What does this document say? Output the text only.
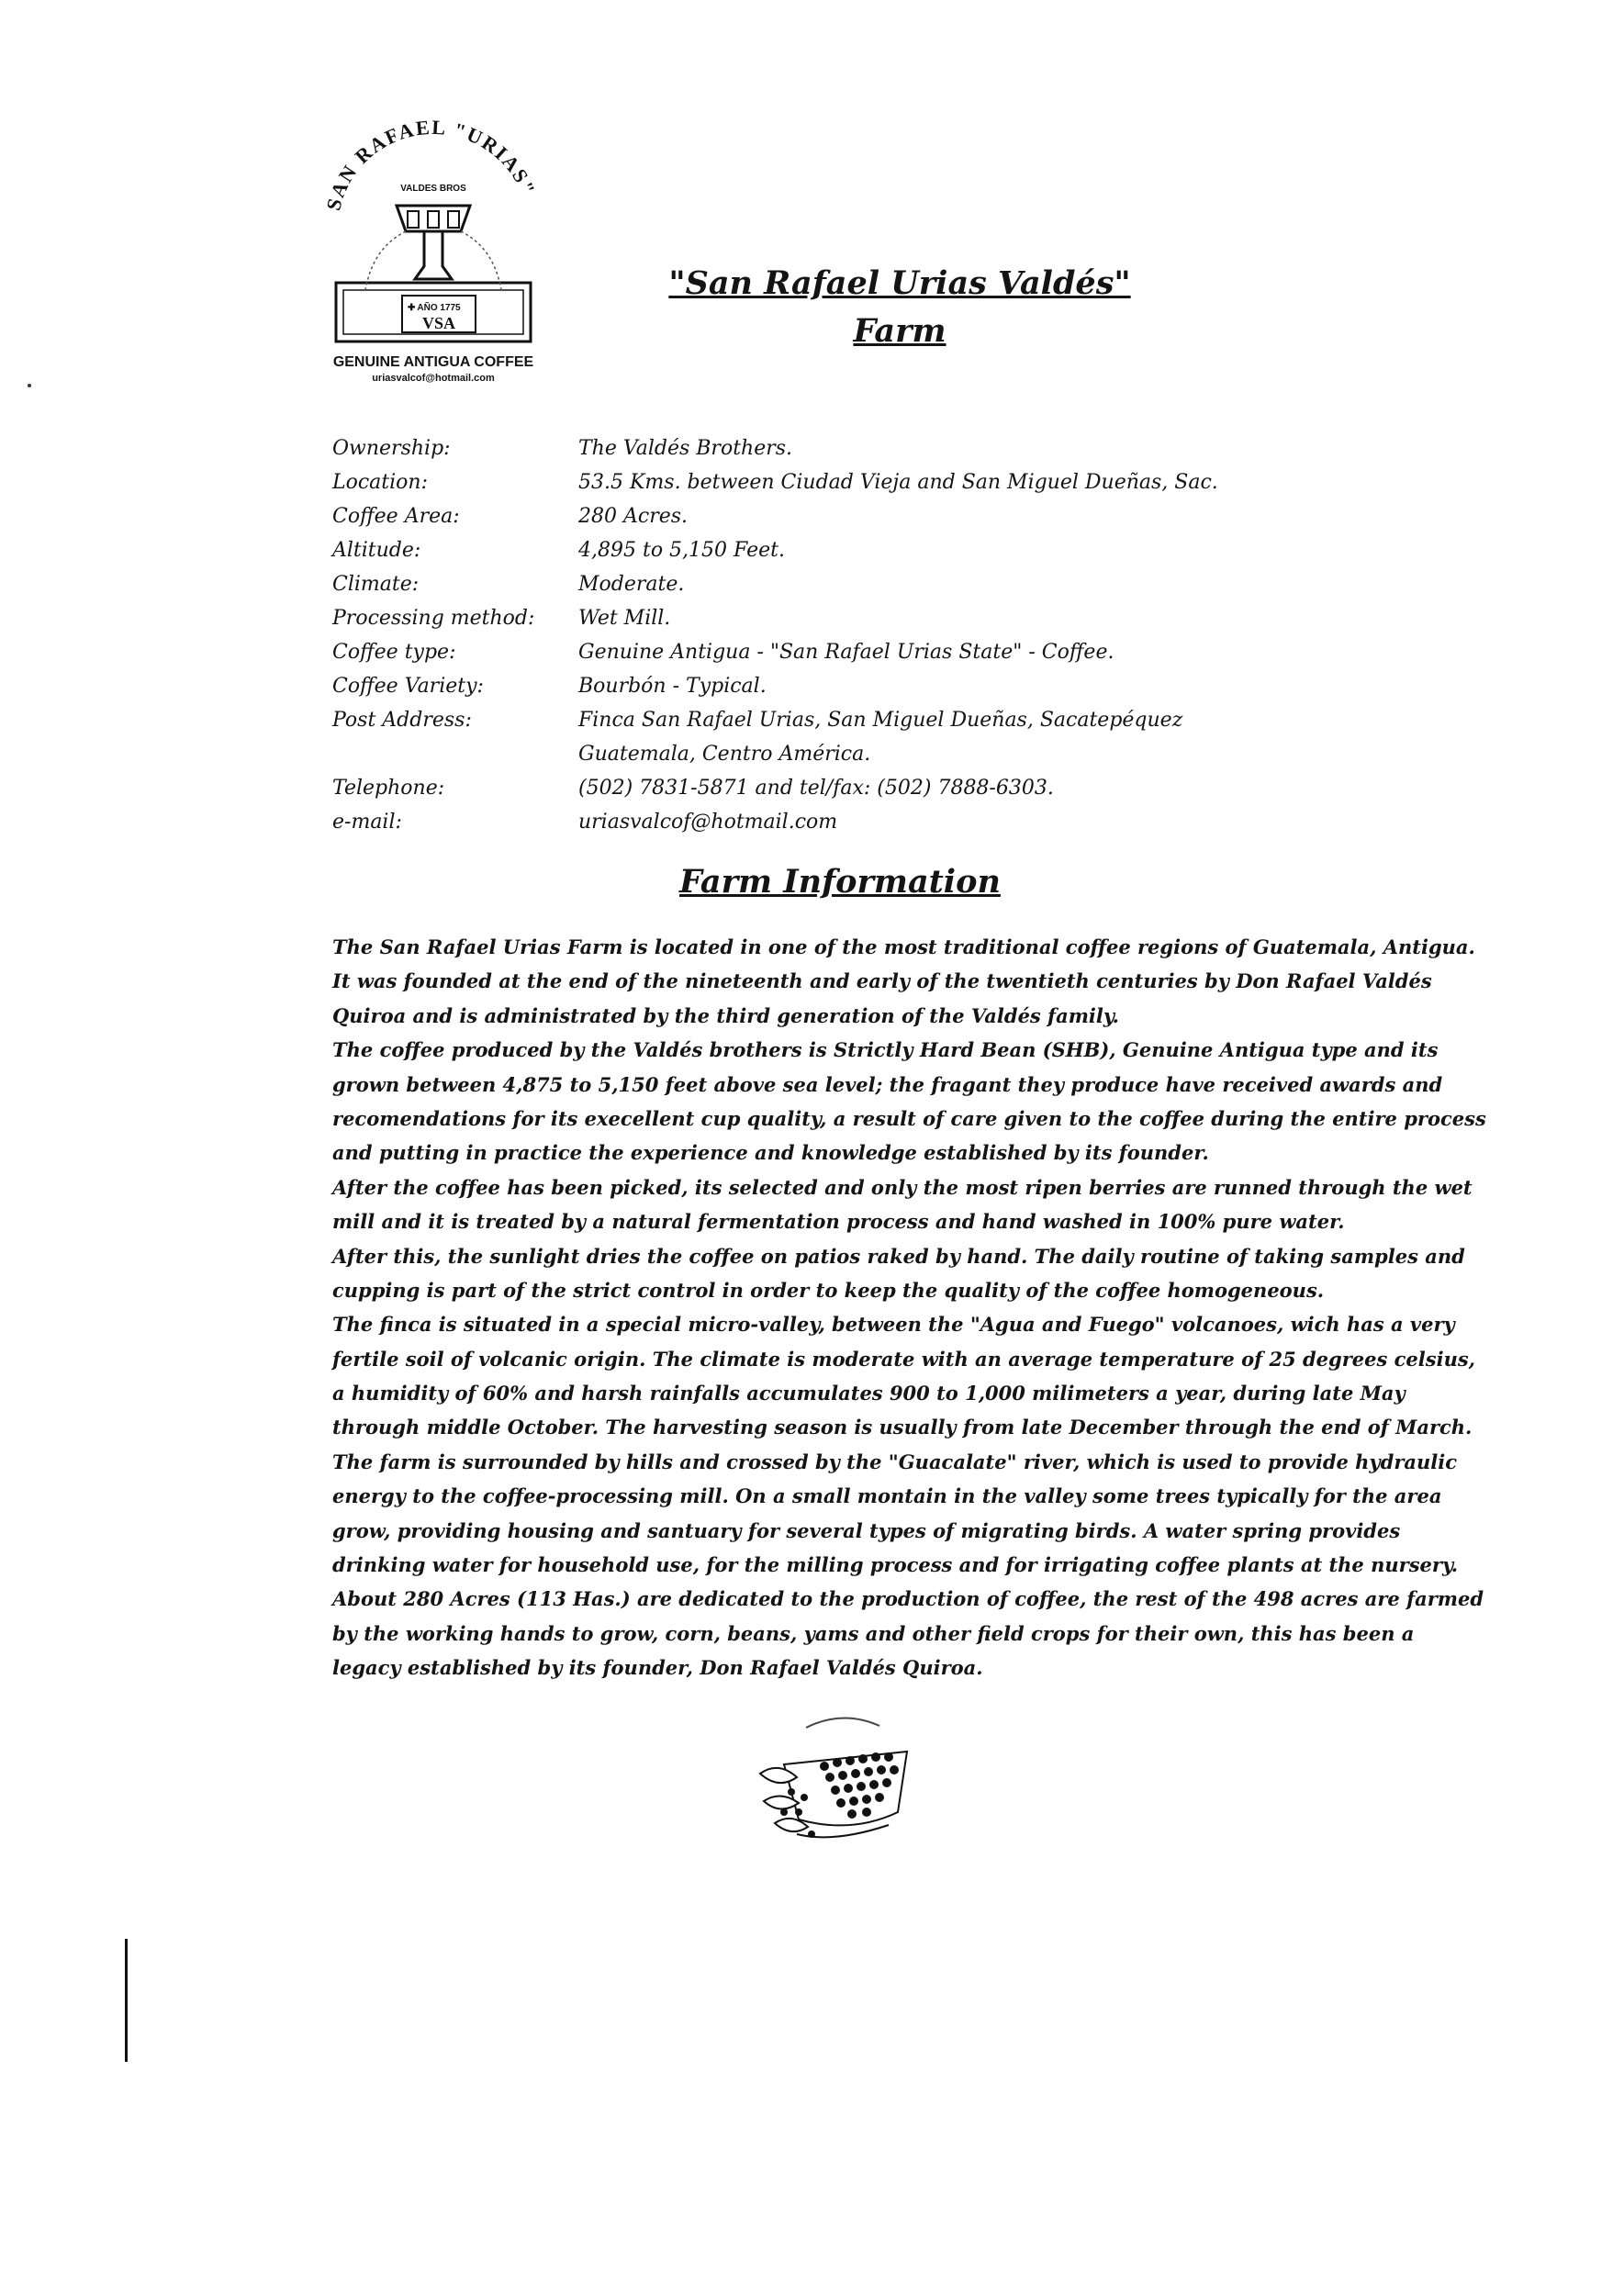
SAN RAFAEL "URIAS"
VALDES BROS
✚ AÑO 1775
VSA
GENUINE ANTIGUA COFFEE
uriasvalcof@hotmail.com
"San Rafael Urias Valdés"
Farm
Ownership:	The Valdés Brothers.
Location:	53.5 Kms. between Ciudad Vieja and San Miguel Dueñas, Sac.
Coffee Area:	280 Acres.
Altitude:	4,895 to 5,150 Feet.
Climate:	Moderate.
Processing method:	Wet Mill.
Coffee type:	Genuine Antigua - "San Rafael Urias State" - Coffee.
Coffee Variety:	Bourbón - Typical.
Post Address:	Finca San Rafael Urias, San Miguel Dueñas, Sacatepéquez
Guatemala, Centro América.
Telephone:	(502) 7831-5871 and tel/fax: (502) 7888-6303.
e-mail:	uriasvalcof@hotmail.com
Farm Information
The San Rafael Urias Farm is located in one of the most traditional coffee regions of Guatemala, Antigua.
It was founded at the end of the nineteenth and early of the twentieth centuries by Don Rafael Valdés
Quiroa and is administrated by the third generation of the Valdés family.
The coffee produced by the Valdés brothers is Strictly Hard Bean (SHB), Genuine Antigua type and its
grown between 4,875 to 5,150 feet above sea level; the fragant they produce have received awards and
recomendations for its execellent cup quality, a result of care given to the coffee during the entire process
and putting in practice the experience and knowledge established by its founder.
After the coffee has been picked, its selected and only the most ripen berries are runned through the wet
mill and it is treated by a natural fermentation process and hand washed in 100% pure water.
After this, the sunlight dries the coffee on patios raked by hand. The daily routine of taking samples and
cupping is part of the strict control in order to keep the quality of the coffee homogeneous.
The finca is situated in a special micro-valley, between the "Agua and Fuego" volcanoes, wich has a very
fertile soil of volcanic origin. The climate is moderate with an average temperature of 25 degrees celsius,
a humidity of 60% and harsh rainfalls accumulates 900 to 1,000 milimeters a year, during late May
through middle October. The harvesting season is usually from late December through the end of March.
The farm is surrounded by hills and crossed by the "Guacalate" river, which is used to provide hydraulic
energy to the coffee-processing mill. On a small montain in the valley some trees typically for the area
grow, providing housing and santuary for several types of migrating birds. A water spring provides
drinking water for household use, for the milling process and for irrigating coffee plants at the nursery.
About 280 Acres (113 Has.) are dedicated to the production of coffee, the rest of the 498 acres are farmed
by the working hands to grow, corn, beans, yams and other field crops for their own, this has been a
legacy established by its founder, Don Rafael Valdés Quiroa.
